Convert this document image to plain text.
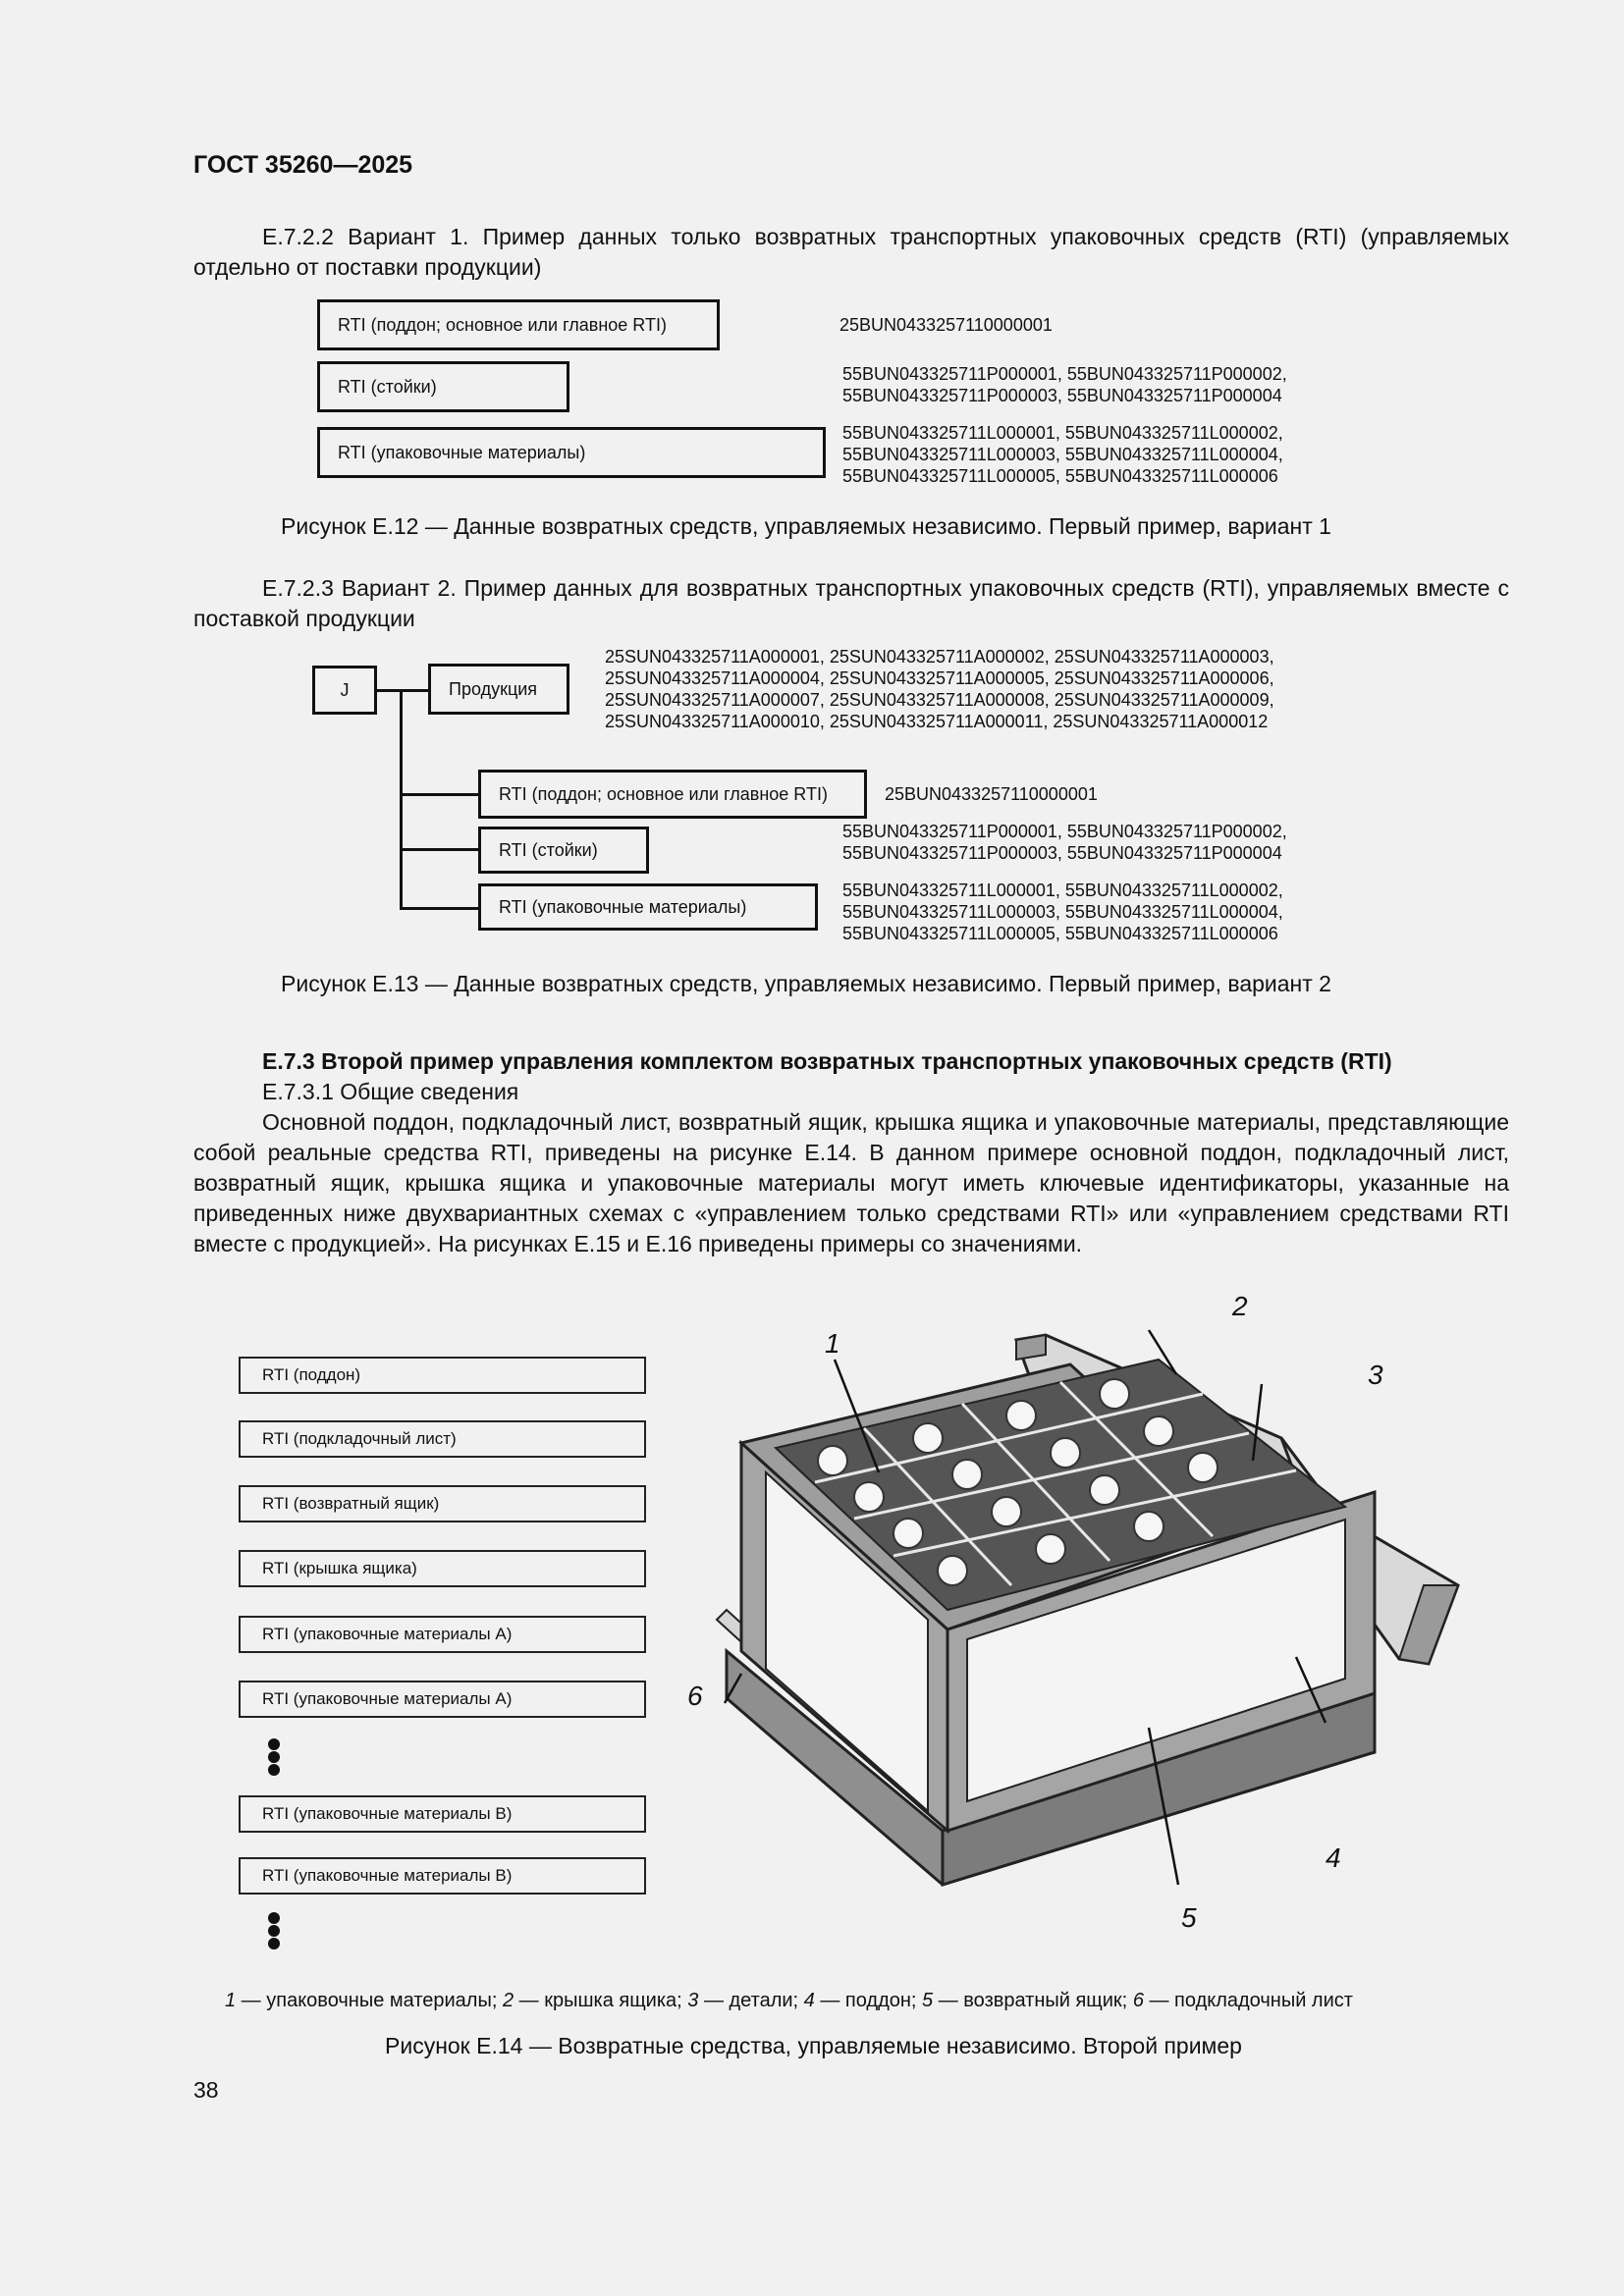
ГОСТ 35260—2025
Е.7.2.2 Вариант 1. Пример данных только возвратных транспортных упаковочных средств (RTI) (управляемых отдельно от поставки продукции)
RTI (поддон; основное или главное RTI)
RTI (стойки)
RTI (упаковочные материалы)
25BUN0433257110000001
55BUN043325711P000001, 55BUN043325711P000002,
55BUN043325711P000003, 55BUN043325711P000004
55BUN043325711L000001, 55BUN043325711L000002,
55BUN043325711L000003, 55BUN043325711L000004,
55BUN043325711L000005, 55BUN043325711L000006
Рисунок Е.12 — Данные возвратных средств, управляемых независимо. Первый пример, вариант 1
Е.7.2.3 Вариант 2. Пример данных для возвратных транспортных упаковочных средств (RTI), управляемых вместе с поставкой продукции
J	Продукция
25SUN043325711A000001, 25SUN043325711A000002, 25SUN043325711A000003,
25SUN043325711A000004, 25SUN043325711A000005, 25SUN043325711A000006,
25SUN043325711A000007, 25SUN043325711A000008, 25SUN043325711A000009,
25SUN043325711A000010, 25SUN043325711A000011, 25SUN043325711A000012
RTI (поддон; основное или главное RTI)
RTI (стойки)
RTI (упаковочные материалы)
25BUN0433257110000001
55BUN043325711P000001, 55BUN043325711P000002,
55BUN043325711P000003, 55BUN043325711P000004
55BUN043325711L000001, 55BUN043325711L000002,
55BUN043325711L000003, 55BUN043325711L000004,
55BUN043325711L000005, 55BUN043325711L000006
Рисунок Е.13 — Данные возвратных средств, управляемых независимо. Первый пример, вариант 2
Е.7.3 Второй пример управления комплектом возвратных транспортных упаковочных средств (RTI)
Е.7.3.1 Общие сведения
Основной поддон, подкладочный лист, возвратный ящик, крышка ящика и упаковочные материалы, представляющие собой реальные средства RTI, приведены на рисунке Е.14. В данном примере основной поддон, подкладочный лист, возвратный ящик, крышка ящика и упаковочные материалы могут иметь ключевые идентификаторы, указанные на приведенных ниже двухвариантных схемах с «управлением только средствами RTI» или «управлением средствами RTI вместе с продукцией». На рисунках Е.15 и Е.16 приведены примеры со значениями.
RTI (поддон)
RTI (подкладочный лист)
RTI (возвратный ящик)
RTI (крышка ящика)
RTI (упаковочные материалы A)
RTI (упаковочные материалы A)
RTI (упаковочные материалы B)
RTI (упаковочные материалы B)
1
2
3
4
5
6
1 — упаковочные материалы; 2 — крышка ящика; 3 — детали; 4 — поддон; 5 — возвратный ящик; 6 — подкладочный лист
Рисунок Е.14 — Возвратные средства, управляемые независимо. Второй пример
38
